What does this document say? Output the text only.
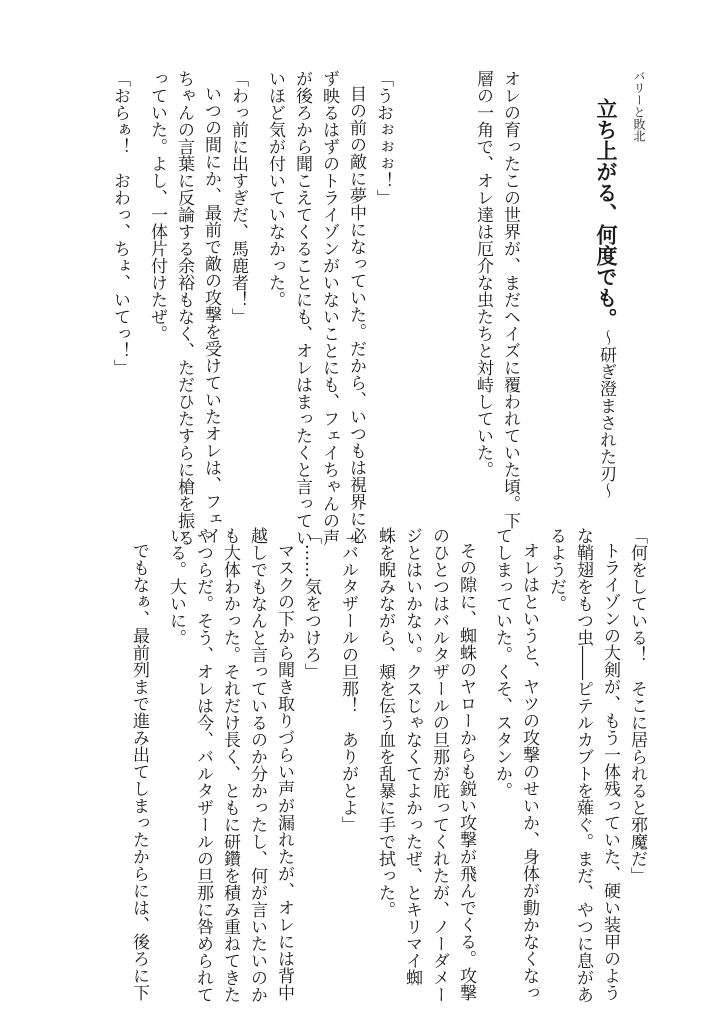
バリーと敗北
立ち上がる、何度でも。〜研ぎ澄まされた刃〜
オレの育ったこの世界が、まだヘイズに覆われていた頃。下
層の一角で、オレ達は厄介な虫たちと対峙していた。
「うおぉぉぉ！」
目の前の敵に夢中になっていた。だから、いつもは視界に必
ず映るはずのトライゾンがいないことにも、フェイちゃんの声
が後ろから聞こえてくることにも、オレはまったくと言ってい
いほど気が付いていなかった。
「わっ前に出すぎだ、馬鹿者！」
いつの間にか、最前で敵の攻撃を受けていたオレは、フェイ
ちゃんの言葉に反論する余裕もなく、ただひたすらに槍を振る
っていた。よし、一体片付けたぜ。
「おらぁ！　おわっ、ちょ、いてっ！」
「何をしている！　そこに居られると邪魔だ」
トライゾンの大剣が、もう一体残っていた、硬い装甲のよう
な鞘翅をもつ虫――ピテルカブトを薙ぐ。まだ、やつに息があ
るようだ。
オレはというと、ヤツの攻撃のせいか、身体が動かなくなっ
てしまっていた。くそ、スタンか。
その隙に、蜘蛛のヤローからも鋭い攻撃が飛んでくる。攻撃
のひとつはバルタザールの旦那が庇ってくれたが、ノーダメー
ジとはいかない。クスじゃなくてよかったぜ、とキリマイ蜘
蛛を睨みながら、頬を伝う血を乱暴に手で拭った。
「バルタザールの旦那！　ありがとよ」
「……気をつけろ」
マスクの下から聞き取りづらい声が漏れたが、オレには背中
越しでもなんと言っているのか分かったし、何が言いたいのか
も大体わかった。それだけ長く、ともに研鑽を積み重ねてきた
やつらだ。そう、オレは今、バルタザールの旦那に咎められて
いる。大いに。
でもなぁ、最前列まで進み出てしまったからには、後ろに下
